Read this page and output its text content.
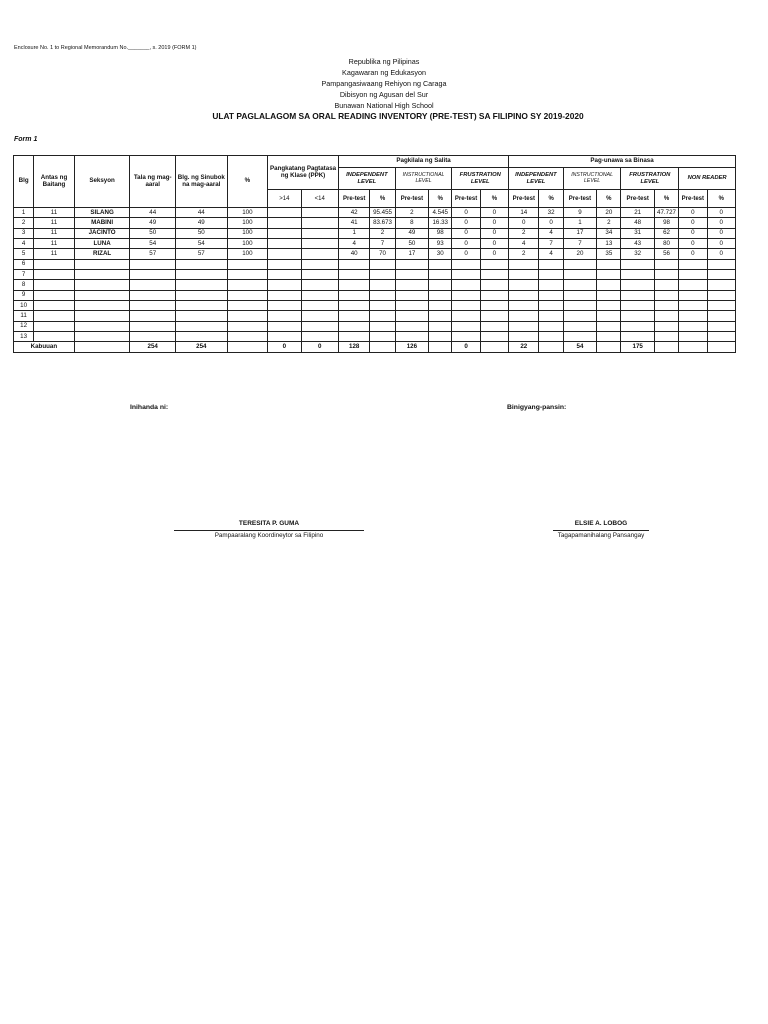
Enclosure No. 1 to Regional Memorandum No._______, s. 2019 (FORM 1)
Republika ng Pilipinas
Kagawaran ng Edukasyon
Pampangasiwaang Rehiyon ng Caraga
Dibisyon ng Agusan del Sur
Bunawan National High School
ULAT PAGLALAGOM SA ORAL READING INVENTORY (PRE-TEST) SA FILIPINO SY 2019-2020
Form 1
Blg	Antas ng Baitang	Seksyon	Tala ng mag-aaral	Blg. ng Sinubok na mag-aaral	%	Pangkatang Pagtatasa ng Klase (PPK)		Pagkilala ng Salita						Pag-unawa sa Binasa							
								INDEPENDENT LEVEL		INSTRUCTIONAL LEVEL		FRUSTRATION LEVEL		INDEPENDENT LEVEL		INSTRUCTIONAL LEVEL		FRUSTRATION LEVEL		NON READER	
						>14	<14	Pre-test	%	Pre-test	%	Pre-test	%	Pre-test	%	Pre-test	%	Pre-test	%	Pre-test	%
1	11	SILANG	44	44	100			42	95.455	2	4.545	0	0	14	32	9	20	21	47.727	0	0
2	11	MABINI	49	49	100			41	83.673	8	16.33	0	0	0	0	1	2	48	98	0	0
3	11	JACINTO	50	50	100			1	2	49	98	0	0	2	4	17	34	31	62	0	0
4	11	LUNA	54	54	100			4	7	50	93	0	0	4	7	7	13	43	80	0	0
5	11	RIZAL	57	57	100			40	70	17	30	0	0	2	4	20	35	32	56	0	0
6																					
7																					
8																					
9																					
10																					
11																					
12																					
13																					
Kabuuan			254	254		0	0	128		126		0		22		54		175			
Inihanda ni:	Binigyang-pansin:
TERESITA P. GUMA
Pampaaralang Koordineytor sa Filipino
ELSIE A. LOBOG
Tagapamanihalang Pansangay
